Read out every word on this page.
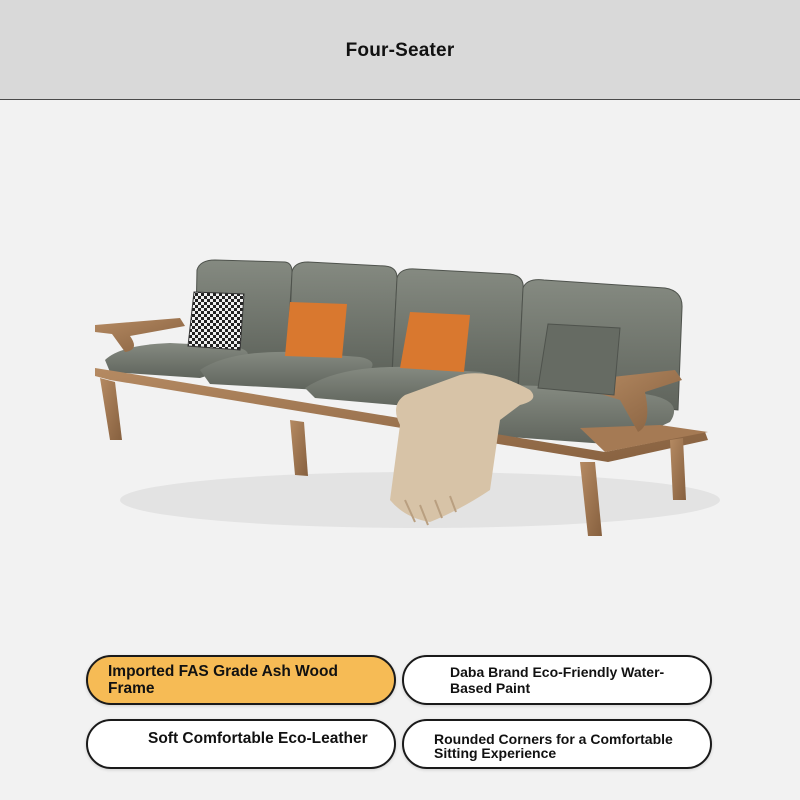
Four-Seater
Imported FAS Grade Ash Wood Frame
Daba Brand Eco-Friendly Water-Based Paint
Soft Comfortable Eco-Leather	Rounded Corners for a Comfortable Sitting Experience
